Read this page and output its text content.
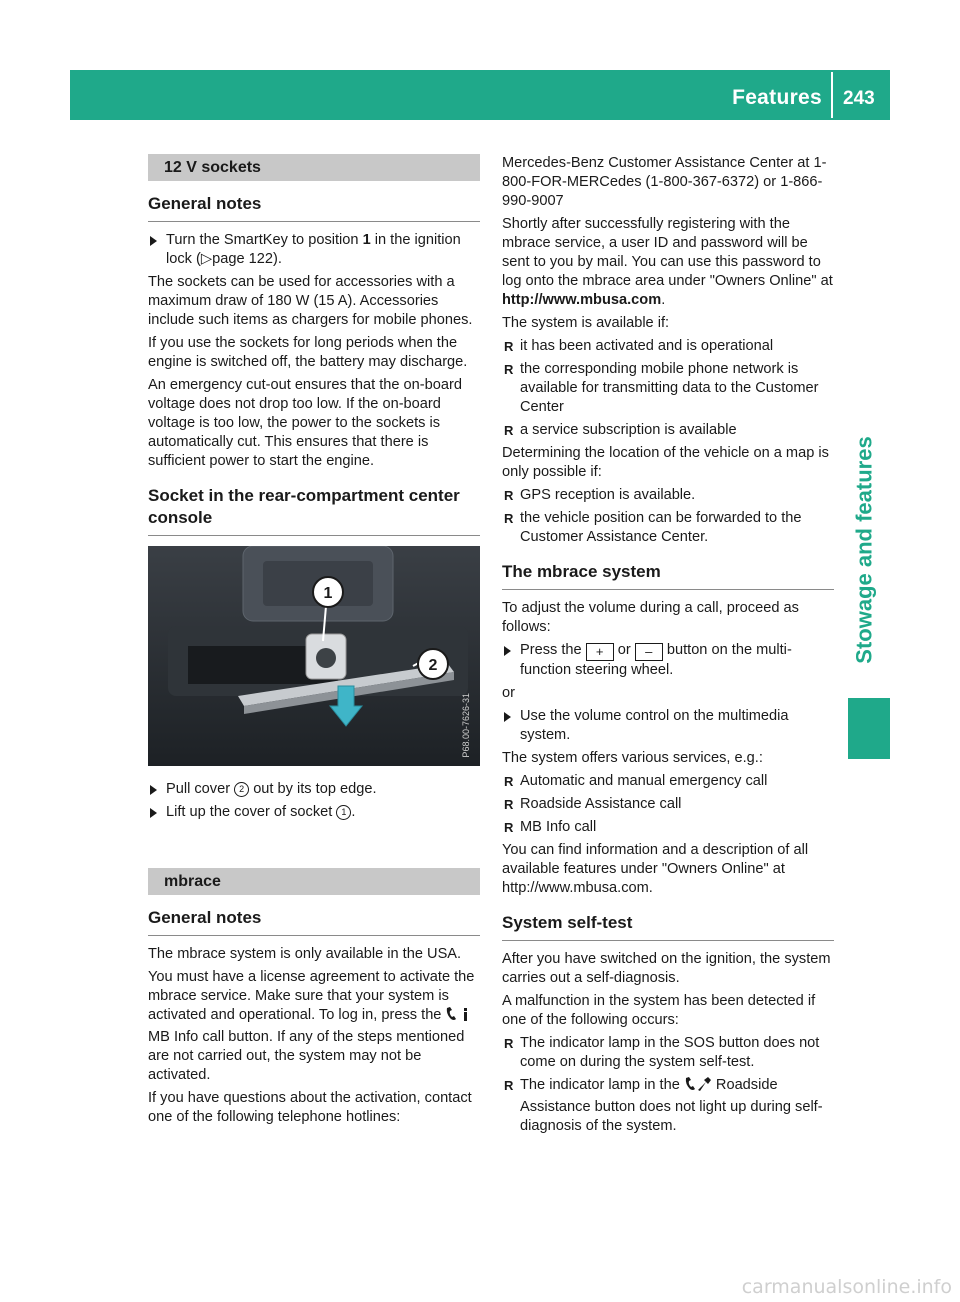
Features 243
Stowage and features
12 V sockets
General notes
Turn the SmartKey to position 1 in the ignition lock (▷page 122).

The sockets can be used for accessories with a maximum draw of 180 W (15 A). Accessories include such items as chargers for mobile phones.

If you use the sockets for long periods when the engine is switched off, the battery may discharge.

An emergency cut-out ensures that the on-board voltage does not drop too low. If the on-board voltage is too low, the power to the sockets is automatically cut. This ensures that there is sufficient power to start the engine.

Socket in the rear-compartment center console
1
2
P68.00-7626-31
Pull cover 2 out by its top edge.
Lift up the cover of socket 1 .
mbrace
General notes

The mbrace system is only available in the USA.

You must have a license agreement to activate the mbrace service. Make sure that your system is activated and operational. To log in, press the  MB Info call button. If any of the steps mentioned are not carried out, the system may not be activated.

If you have questions about the activation, contact one of the following telephone hotlines:

Mercedes-Benz Customer Assistance Center at 1-800-FOR-MERCedes (1-800-367-6372) or 1-866-990-9007

Shortly after successfully registering with the mbrace service, a user ID and password will be sent to you by mail. You can use this password to log onto the mbrace area under "Owners Online" at http://www.mbusa.com.

The system is available if:

R it has been activated and is operational
R the corresponding mobile phone network is available for transmitting data to the Customer Center
R a service subscription is available

Determining the location of the vehicle on a map is only possible if:

R GPS reception is available.
R the vehicle position can be forwarded to the Customer Assistance Center.
The mbrace system

To adjust the volume during a call, proceed as follows:

Press the + or – button on the multifunction steering wheel.

or

Use the volume control on the multimedia system.

The system offers various services, e.g.:

R Automatic and manual emergency call
R Roadside Assistance call
R MB Info call

You can find information and a description of all available features under "Owners Online" at http://www.mbusa.com.

System self-test

After you have switched on the ignition, the system carries out a self-diagnosis.

A malfunction in the system has been detected if one of the following occurs:

R The indicator lamp in the SOS button does not come on during the system self-test.
R The indicator lamp in the  Roadside Assistance button does not light up during self-diagnosis of the system.
carmanualsonline.info
